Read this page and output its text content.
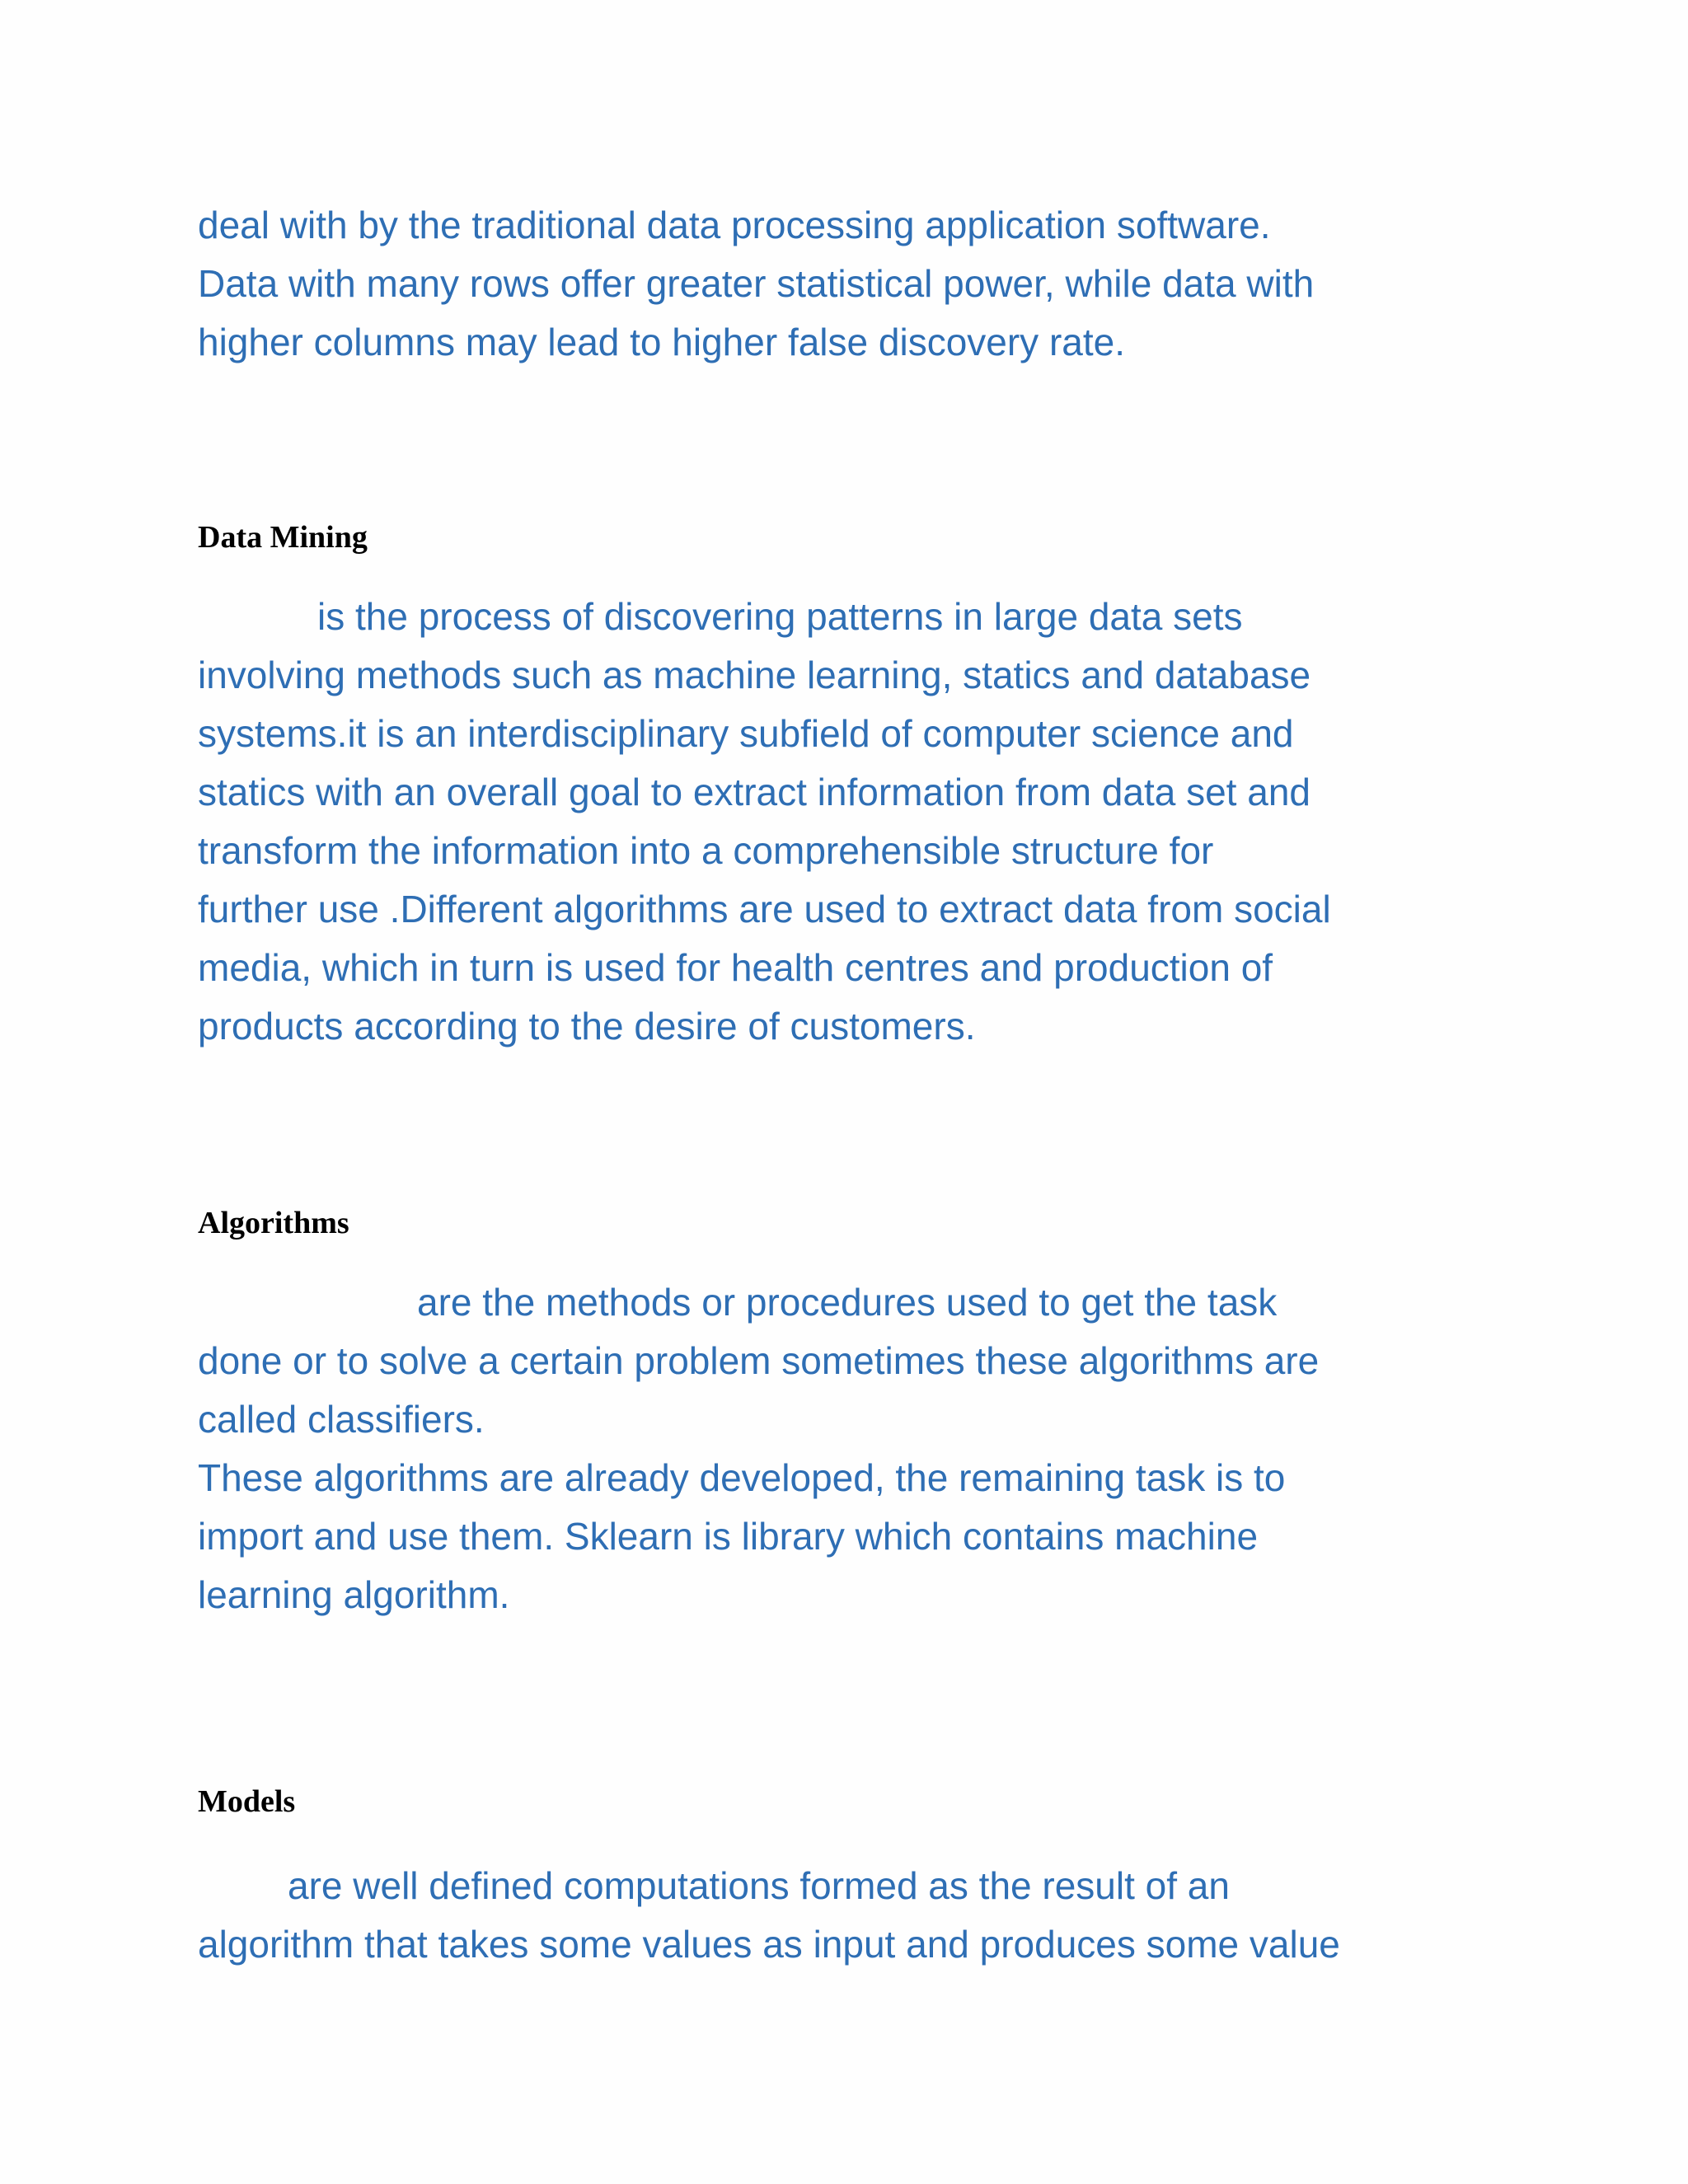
deal with by the traditional data processing application software.
Data with many rows offer greater statistical power, while data with
higher columns may lead to higher false discovery rate.
Data Mining
is the process of discovering patterns in large data sets
involving methods such as machine learning, statics and database
systems.it is an interdisciplinary subfield of computer science and
statics with an overall goal to extract information from data set and
transform the information into a comprehensible structure for
further use .Different algorithms are used to extract data from social
media, which in turn is used for health centres and production of
products according to the desire of customers.
Algorithms
are the methods or procedures used to get the task
done or to solve a certain problem sometimes these algorithms are
called classifiers.
These algorithms are already developed, the remaining task is to
import and use them. Sklearn is library which contains machine
learning algorithm.
Models
are well defined computations formed as the result of an
algorithm that takes some values as input and produces some value
